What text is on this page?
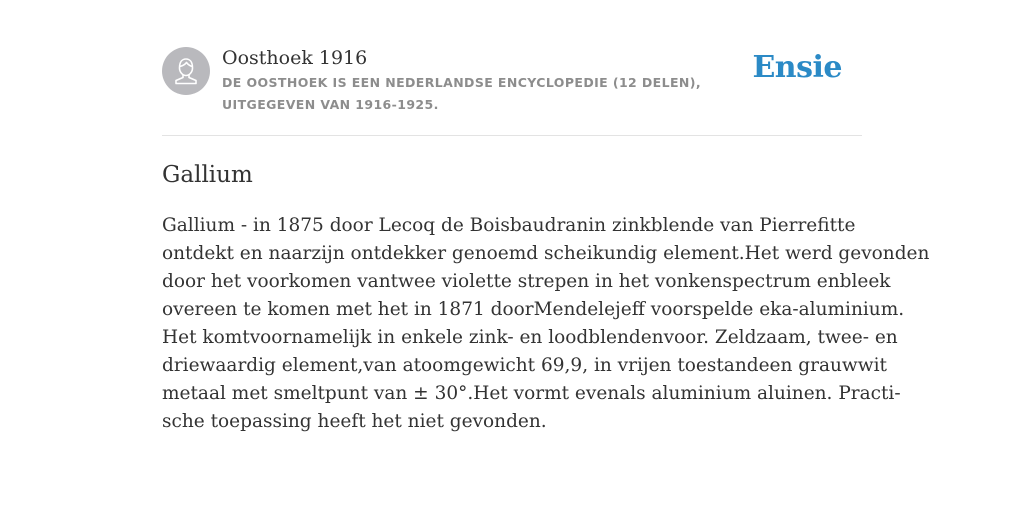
Oosthoek 1916
DE OOSTHOEK IS EEN NEDERLANDSE ENCYCLOPEDIE (12 DELEN), UITGEGEVEN VAN 1916-1925.
Ensie
Gallium
Gallium - in 1875 door Lecoq de Boisbaudranin zinkblende van Pierrefitte
ontdekt en naarzijn ontdekker genoemd scheikundig element.Het werd gevonden
door het voorkomen vantwee violette strepen in het vonkenspectrum enbleek
overeen te komen met het in 1871 doorMendelejeff voorspelde eka-aluminium.
Het komtvoornamelijk in enkele zink- en loodblendenvoor. Zeldzaam, twee- en
driewaardig element,van atoomgewicht 69,9, in vrijen toestandeen grauwwit
metaal met smeltpunt van ± 30°.Het vormt evenals aluminium aluinen. Practi-
sche toepassing heeft het niet gevonden.
